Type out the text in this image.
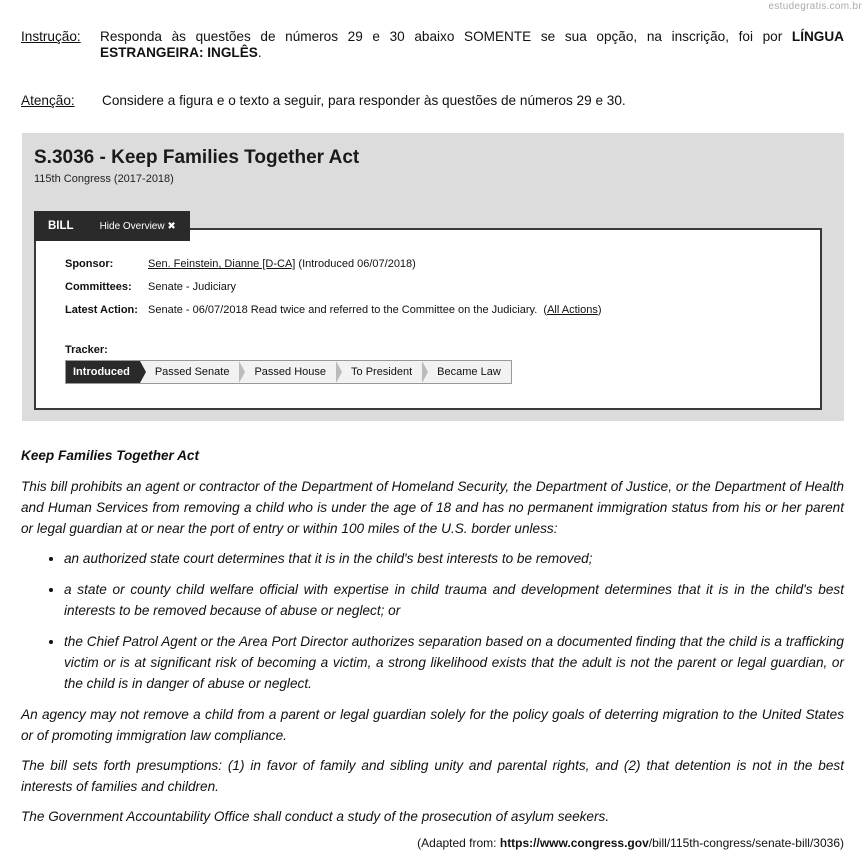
estudegratis.com.br
Instrução: Responda às questões de números 29 e 30 abaixo SOMENTE se sua opção, na inscrição, foi por LÍNGUA ESTRANGEIRA: INGLÊS.
Atenção: Considere a figura e o texto a seguir, para responder às questões de números 29 e 30.
S.3036 - Keep Families Together Act
115th Congress (2017-2018)
Sponsor:	Sen. Feinstein, Dianne [D-CA] (Introduced 06/07/2018)
Committees: Senate - Judiciary
Latest Action: Senate - 06/07/2018 Read twice and referred to the Committee on the Judiciary.  (All Actions)
Tracker:
Introduced	Passed Senate	Passed House	To President	Became Law
BILL	Hide Overview ✖

Keep Families Together Act

This bill prohibits an agent or contractor of the Department of Homeland Security, the Department of Justice, or the Department of Health and Human Services from removing a child who is under the age of 18 and has no permanent immigration status from his or her parent or legal guardian at or near the port of entry or within 100 miles of the U.S. border unless:

• an authorized state court determines that it is in the child's best interests to be removed;
• a state or county child welfare official with expertise in child trauma and development determines that it is in the child's best interests to be removed because of abuse or neglect; or
• the Chief Patrol Agent or the Area Port Director authorizes separation based on a documented finding that the child is a trafficking victim or is at significant risk of becoming a victim, a strong likelihood exists that the adult is not the parent or legal guardian, or the child is in danger of abuse or neglect.

An agency may not remove a child from a parent or legal guardian solely for the policy goals of deterring migration to the United States or of promoting immigration law compliance.

The bill sets forth presumptions: (1) in favor of family and sibling unity and parental rights, and (2) that detention is not in the best interests of families and children.

The Government Accountability Office shall conduct a study of the prosecution of asylum seekers.

(Adapted from: https://www.congress.gov/bill/115th-congress/senate-bill/3036)
